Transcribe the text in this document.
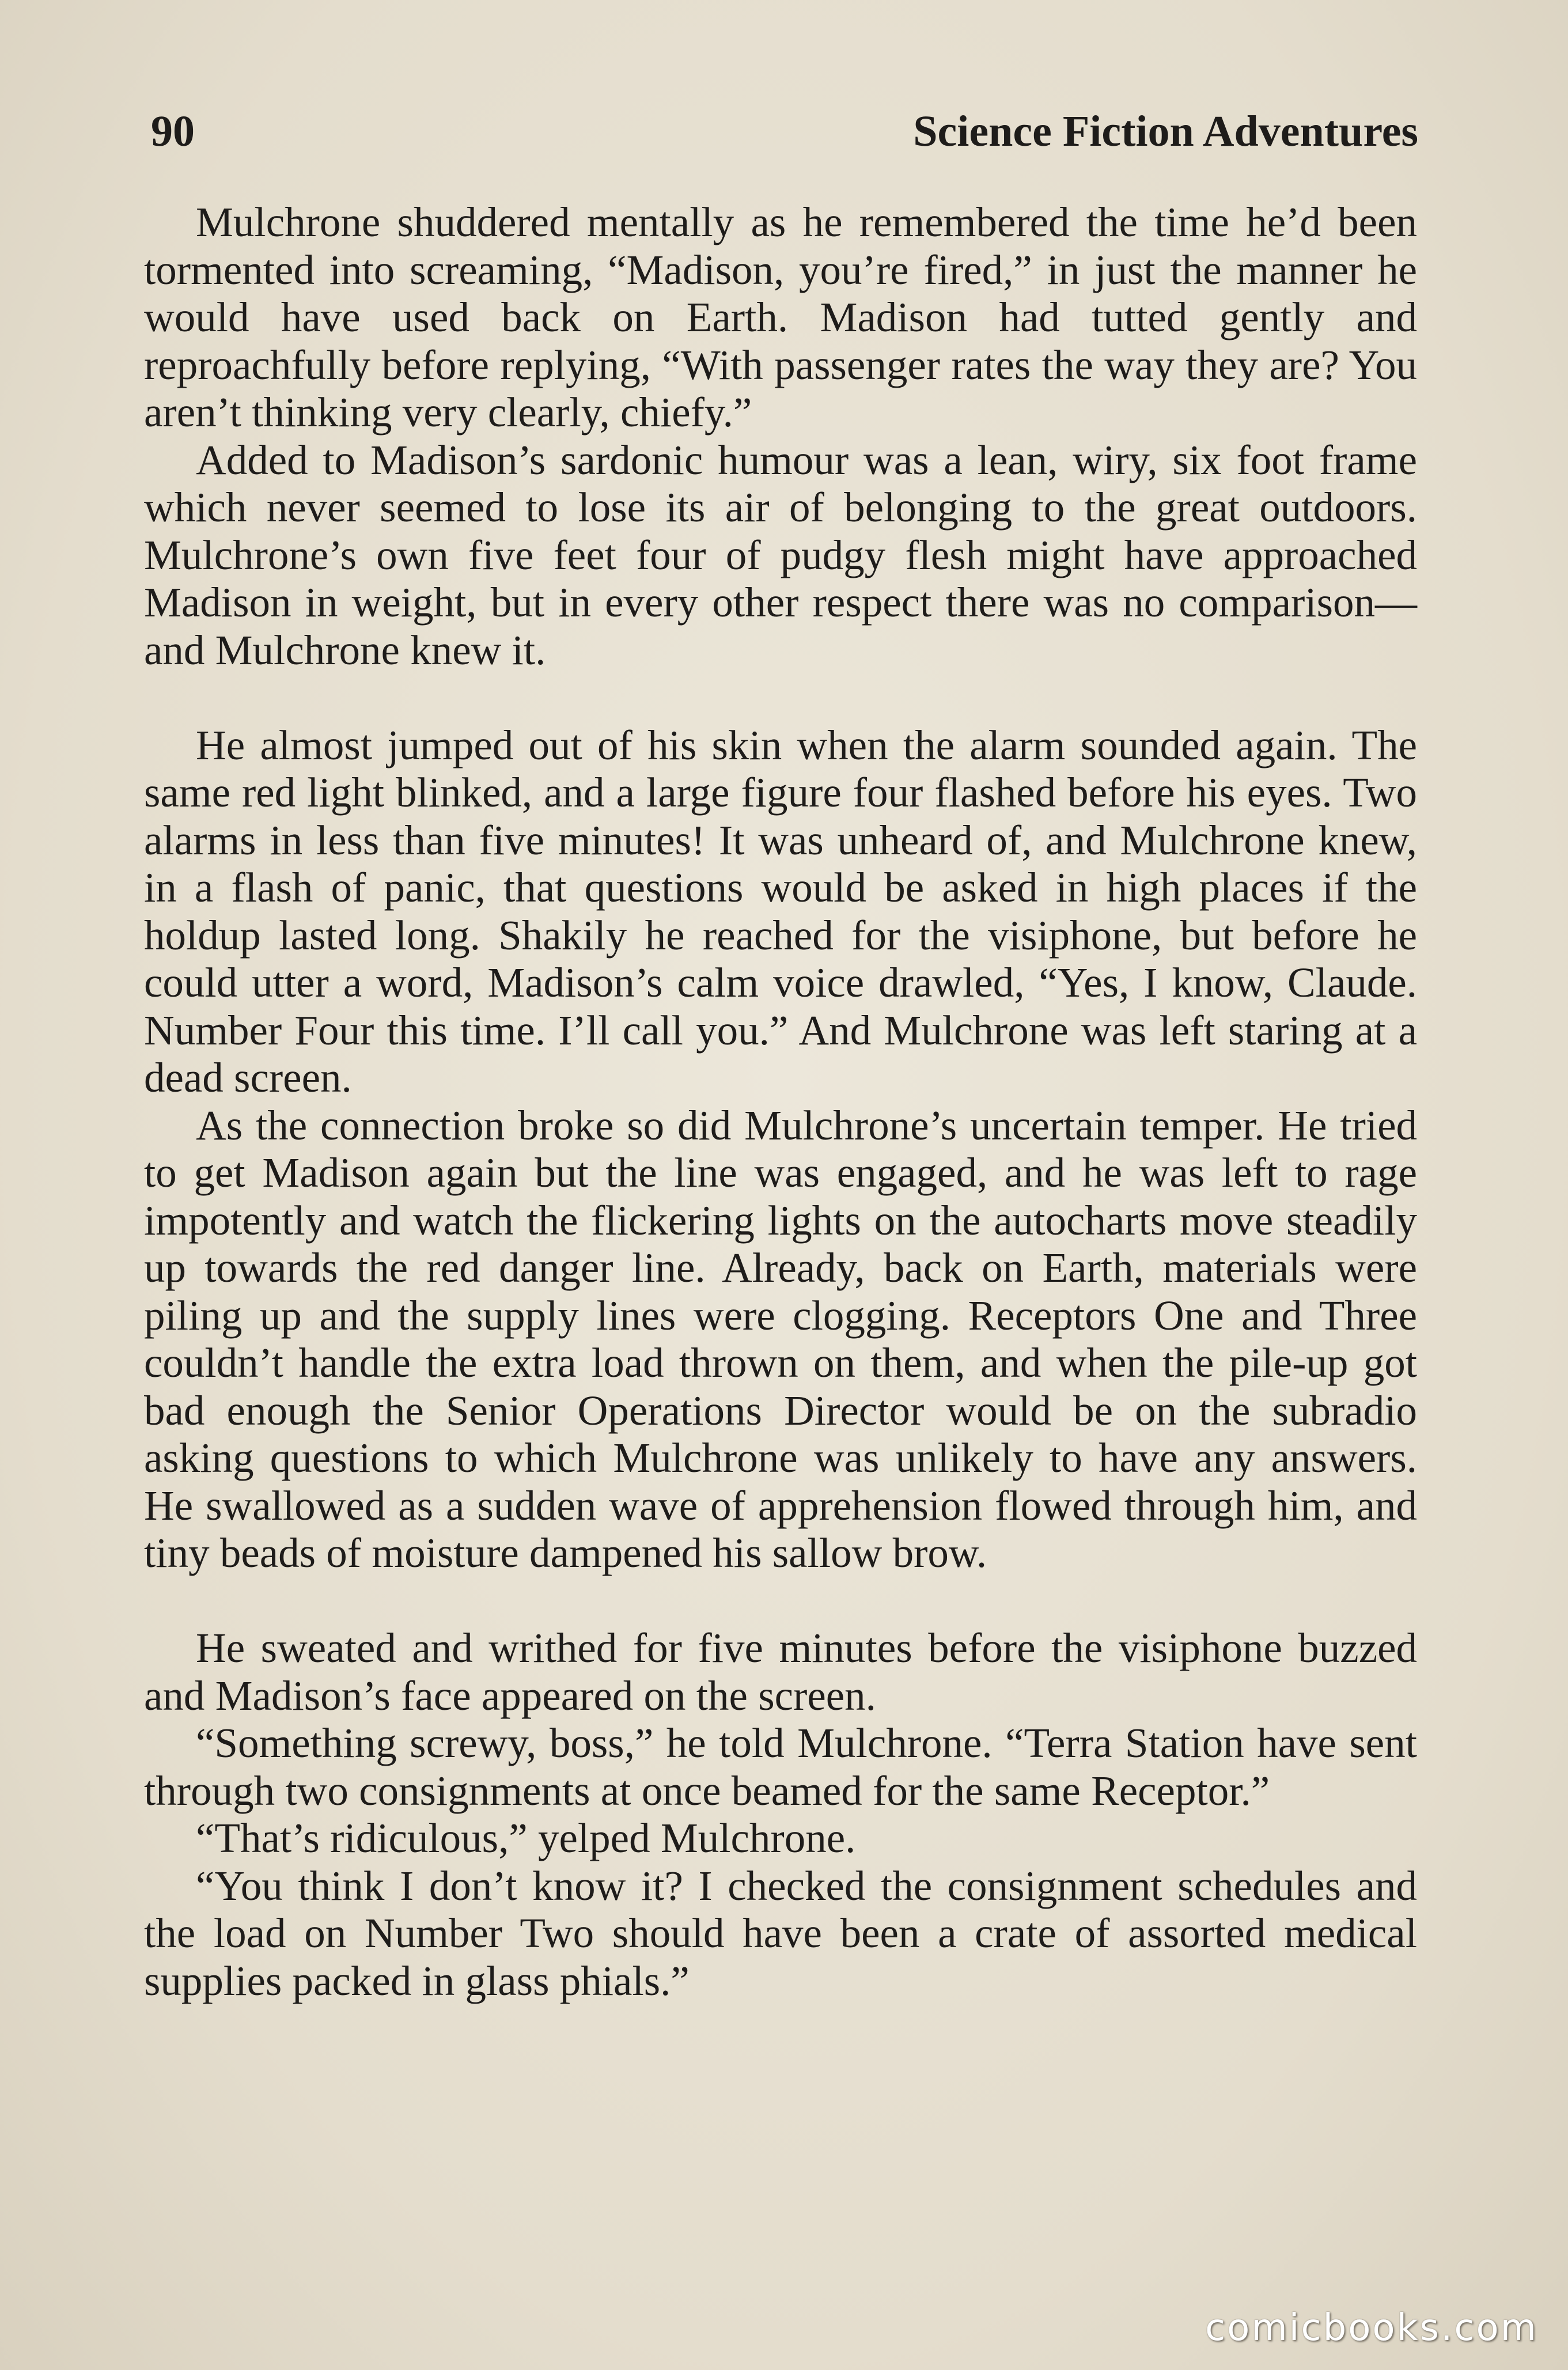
90	Science Fiction Adventures

Mulchrone shuddered mentally as he remembered the time he’d been tormented into screaming, “Madison, you’re fired,” in just the manner he would have used back on Earth. Madison had tutted gently and reproachfully before replying, “With passenger rates the way they are? You aren’t thinking very clearly, chiefy.”

Added to Madison’s sardonic humour was a lean, wiry, six foot frame which never seemed to lose its air of belonging to the great outdoors. Mulchrone’s own five feet four of pudgy flesh might have approached Madison in weight, but in every other respect there was no comparison—and Mulchrone knew it.

He almost jumped out of his skin when the alarm sounded again. The same red light blinked, and a large figure four flashed before his eyes. Two alarms in less than five minutes! It was unheard of, and Mulchrone knew, in a flash of panic, that questions would be asked in high places if the holdup lasted long. Shakily he reached for the visiphone, but before he could utter a word, Madison’s calm voice drawled, “Yes, I know, Claude. Number Four this time. I’ll call you.” And Mulchrone was left staring at a dead screen.

As the connection broke so did Mulchrone’s uncertain temper. He tried to get Madison again but the line was engaged, and he was left to rage impotently and watch the flickering lights on the autocharts move steadily up towards the red danger line. Already, back on Earth, materials were piling up and the supply lines were clogging. Receptors One and Three couldn’t handle the extra load thrown on them, and when the pile-up got bad enough the Senior Operations Director would be on the subradio asking questions to which Mulchrone was unlikely to have any answers. He swallowed as a sudden wave of apprehension flowed through him, and tiny beads of moisture dampened his sallow brow.

He sweated and writhed for five minutes before the visiphone buzzed and Madison’s face appeared on the screen.

“Something screwy, boss,” he told Mulchrone. “Terra Station have sent through two consignments at once beamed for the same Receptor.”

“That’s ridiculous,” yelped Mulchrone.

“You think I don’t know it? I checked the consignment schedules and the load on Number Two should have been a crate of assorted medical supplies packed in glass phials.”

comicbooks.com
